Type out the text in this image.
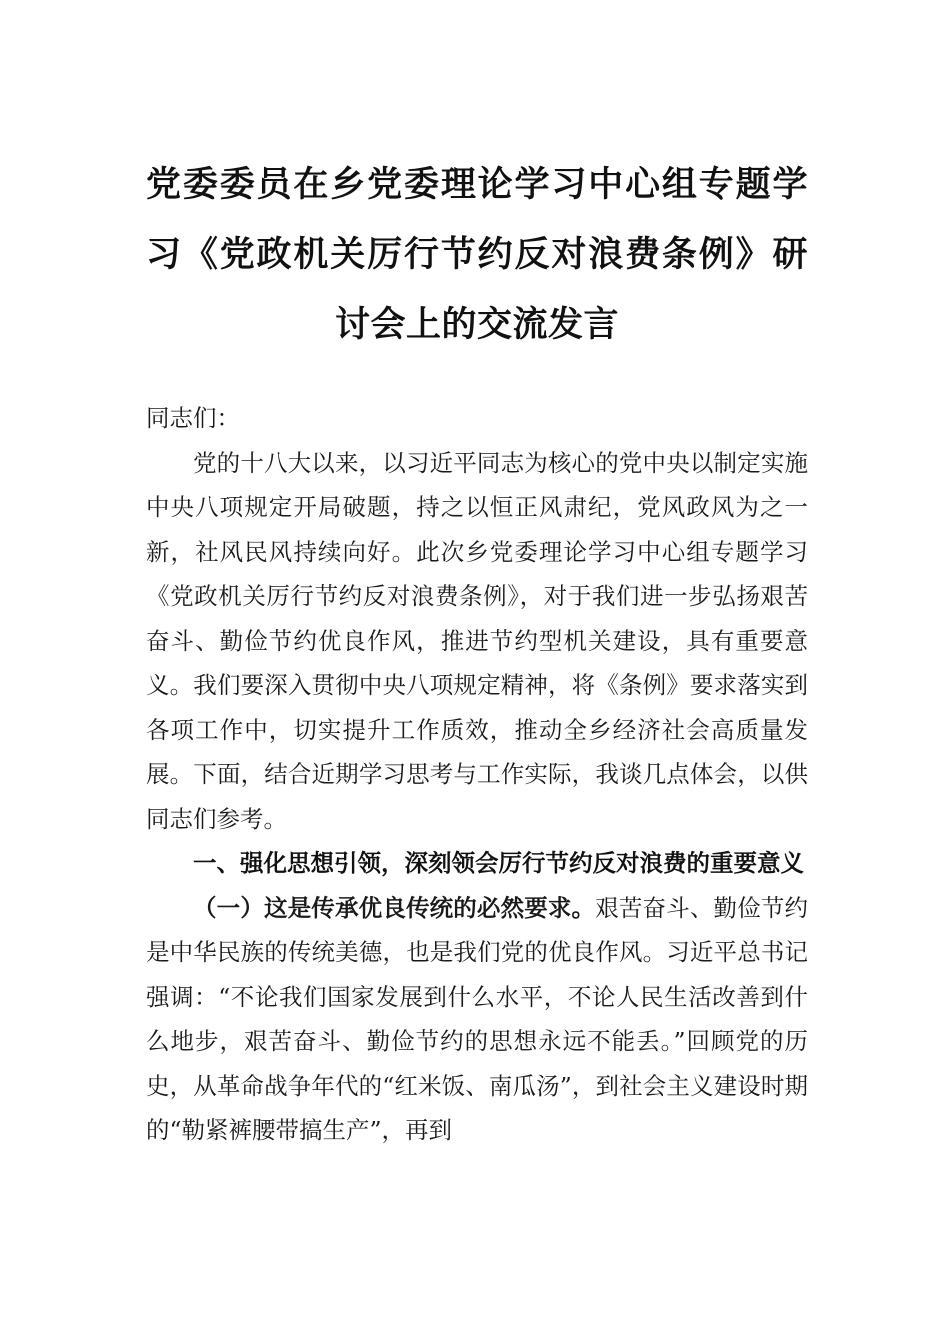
党委委员在乡党委理论学习中心组专题学习《党政机关厉行节约反对浪费条例》研讨会上的交流发言

同志们：

党的十八大以来，以习近平同志为核心的党中央以制定实施中央八项规定开局破题，持之以恒正风肃纪，党风政风为之一新，社风民风持续向好。此次乡党委理论学习中心组专题学习《党政机关厉行节约反对浪费条例》，对于我们进一步弘扬艰苦奋斗、勤俭节约优良作风，推进节约型机关建设，具有重要意义。我们要深入贯彻中央八项规定精神，将《条例》要求落实到各项工作中，切实提升工作质效，推动全乡经济社会高质量发展。下面，结合近期学习思考与工作实际，我谈几点体会，以供同志们参考。

一、强化思想引领，深刻领会厉行节约反对浪费的重要意义

（一）这是传承优良传统的必然要求。艰苦奋斗、勤俭节约是中华民族的传统美德，也是我们党的优良作风。习近平总书记强调：“不论我们国家发展到什么水平，不论人民生活改善到什么地步，艰苦奋斗、勤俭节约的思想永远不能丢。”回顾党的历史，从革命战争年代的“红米饭、南瓜汤”，到社会主义建设时期的“勒紧裤腰带搞生产”，再到
